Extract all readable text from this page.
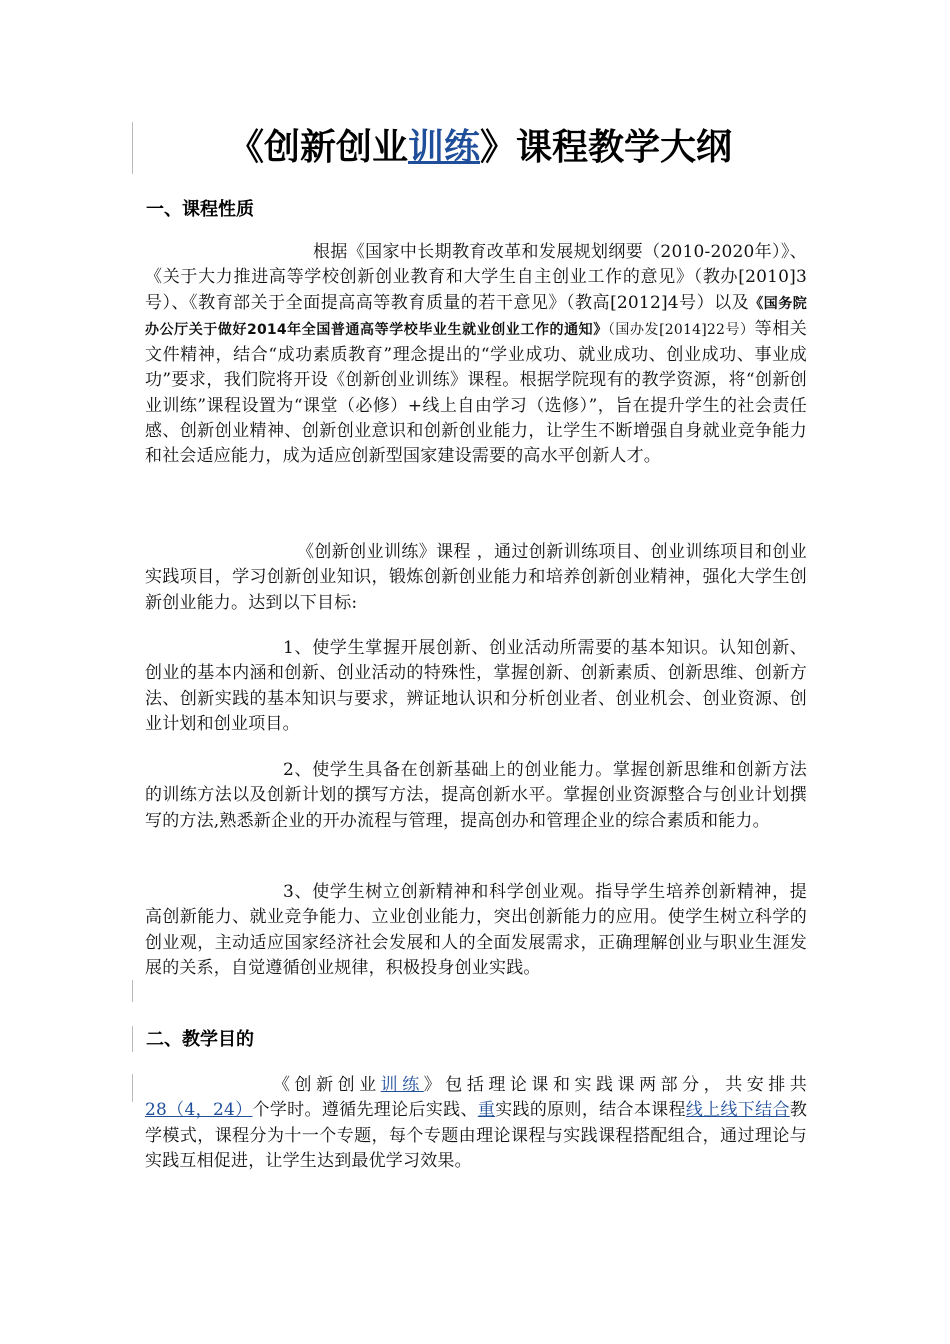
《创新创业训练》课程教学大纲
一、课程性质

根据《国家中长期教育改革和发展规划纲要（2010-2020年）》、《关于大力推进高等学校创新创业教育和大学生自主创业工作的意见》（教办[2010]3号）、《教育部关于全面提高高等教育质量的若干意见》（教高[2012]4号）以及《国务院办公厅关于做好2014年全国普通高等学校毕业生就业创业工作的通知》（国办发[2014]22号）等相关文件精神，结合“成功素质教育”理念提出的“学业成功、就业成功、创业成功、事业成功”要求，我们院将开设《创新创业训练》课程。根据学院现有的教学资源，将“创新创业训练”课程设置为“课堂（必修）+线上自由学习（选修）”，旨在提升学生的社会责任感、创新创业精神、创新创业意识和创新创业能力，让学生不断增强自身就业竞争能力和社会适应能力，成为适应创新型国家建设需要的高水平创新人才。

《创新创业训练》课程 ，通过创新训练项目、创业训练项目和创业实践项目，学习创新创业知识，锻炼创新创业能力和培养创新创业精神，强化大学生创新创业能力。达到以下目标:

1、使学生掌握开展创新、创业活动所需要的基本知识。认知创新、创业的基本内涵和创新、创业活动的特殊性，掌握创新、创新素质、创新思维、创新方法、创新实践的基本知识与要求，辨证地认识和分析创业者、创业机会、创业资源、创业计划和创业项目。

2、使学生具备在创新基础上的创业能力。掌握创新思维和创新方法的训练方法以及创新计划的撰写方法，提高创新水平。掌握创业资源整合与创业计划撰写的方法,熟悉新企业的开办流程与管理，提高创办和管理企业的综合素质和能力。

3、使学生树立创新精神和科学创业观。指导学生培养创新精神，提高创新能力、就业竞争能力、立业创业能力，突出创新能力的应用。使学生树立科学的创业观，主动适应国家经济社会发展和人的全面发展需求，正确理解创业与职业生涯发展的关系，自觉遵循创业规律，积极投身创业实践。

二、教学目的

《创新创业训练》包括理论课和实践课两部分，共安排共28（4，24）个学时。遵循先理论后实践、重实践的原则，结合本课程线上线下结合教学模式，课程分为十一个专题，每个专题由理论课程与实践课程搭配组合，通过理论与实践互相促进，让学生达到最优学习效果。
